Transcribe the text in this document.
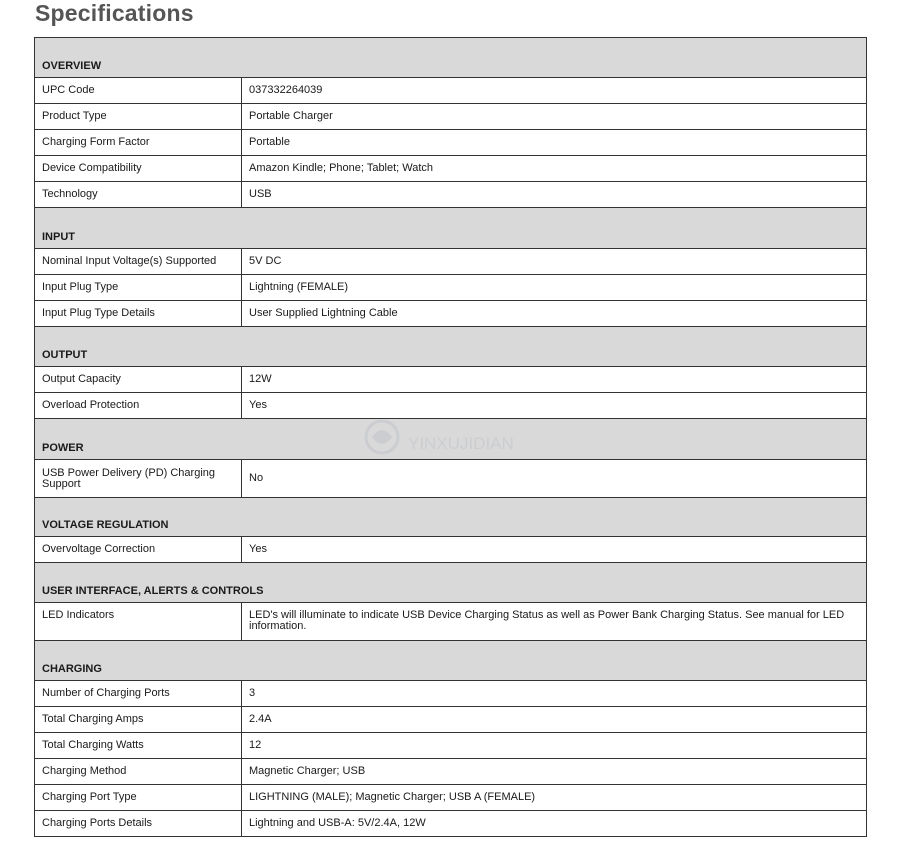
Specifications
OVERVIEW	
UPC Code	037332264039
Product Type	Portable Charger
Charging Form Factor	Portable
Device Compatibility	Amazon Kindle; Phone; Tablet; Watch
Technology	USB
INPUT	
Nominal Input Voltage(s) Supported	5V DC
Input Plug Type	Lightning (FEMALE)
Input Plug Type Details	User Supplied Lightning Cable
OUTPUT	
Output Capacity	12W
Overload Protection	Yes
POWER	
USB Power Delivery (PD) Charging Support	No
VOLTAGE REGULATION	
Overvoltage Correction	Yes
USER INTERFACE, ALERTS & CONTROLS	
LED Indicators	LED's will illuminate to indicate USB Device Charging Status as well as Power Bank Charging Status. See manual for LED information.
CHARGING	
Number of Charging Ports	3
Total Charging Amps	2.4A
Total Charging Watts	12
Charging Method	Magnetic Charger; USB
Charging Port Type	LIGHTNING (MALE); Magnetic Charger; USB A (FEMALE)
Charging Ports Details	Lightning and USB-A: 5V/2.4A, 12W
